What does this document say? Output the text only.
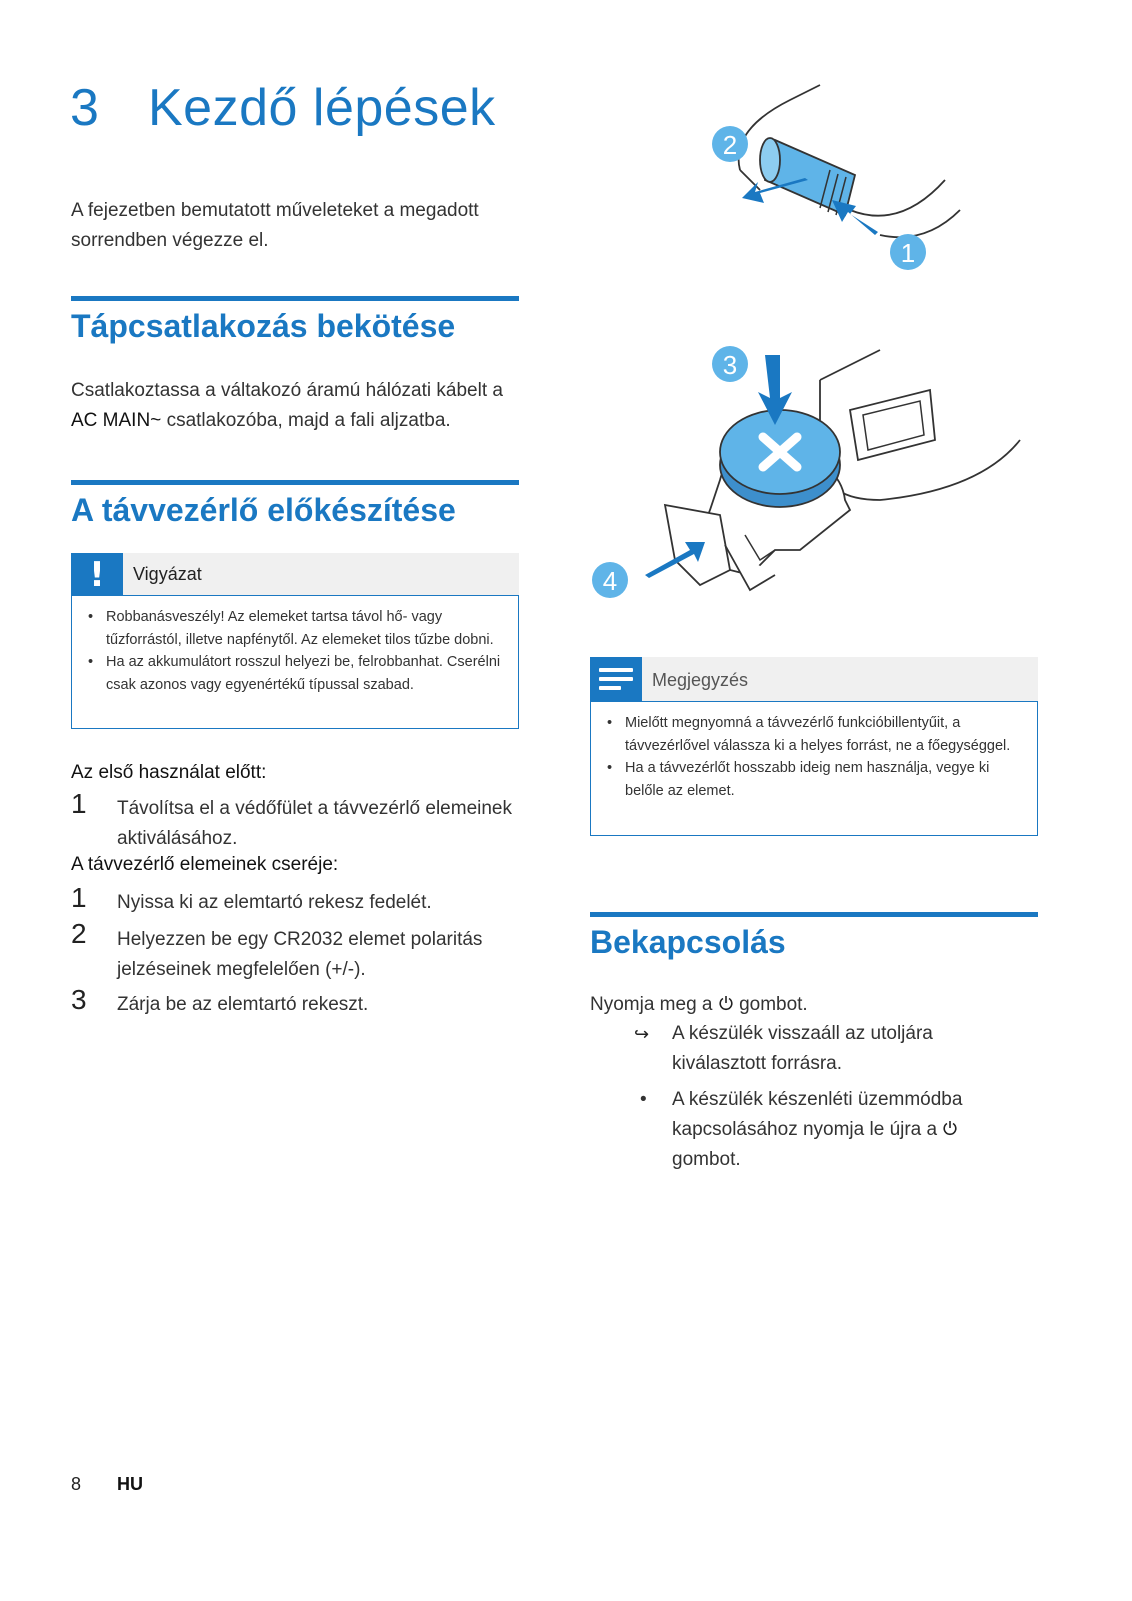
3 Kezdő lépések

A fejezetben bemutatott műveleteket a megadott sorrendben végezze el.

Tápcsatlakozás bekötése

Csatlakoztassa a váltakozó áramú hálózati kábelt a AC MAIN~ csatlakozóba, majd a fali aljzatba.

A távvezérlő előkészítése
!	Vigyázat
• Robbanásveszély! Az elemeket tartsa távol hő- vagy tűzforrástól, illetve napfénytől. Az elemeket tilos tűzbe dobni.
• Ha az akkumulátort rosszul helyezi be, felrobbanhat. Cserélni csak azonos vagy egyenértékű típussal szabad.
Az első használat előtt:
1	Távolítsa el a védőfület a távvezérlő elemeinek aktiválásához.
A távvezérlő elemeinek cseréje:
1	Nyissa ki az elemtartó rekesz fedelét.
2	Helyezzen be egy CR2032 elemet polaritás jelzéseinek megfelelően (+/-).
3	Zárja be az elemtartó rekeszt.
2
1
3
4
Megjegyzés
• Mielőtt megnyomná a távvezérlő funkcióbillentyűit, a távvezérlővel válassza ki a helyes forrást, ne a főegységgel.
• Ha a távvezérlőt hosszabb ideig nem használja, vegye ki belőle az elemet.
Bekapcsolás

Nyomja meg a gombot.

↪ A készülék visszaáll az utoljára kiválasztott forrásra.

• A készülék készenléti üzemmódba kapcsolásához nyomja le újra a  gombot.

8 HU
